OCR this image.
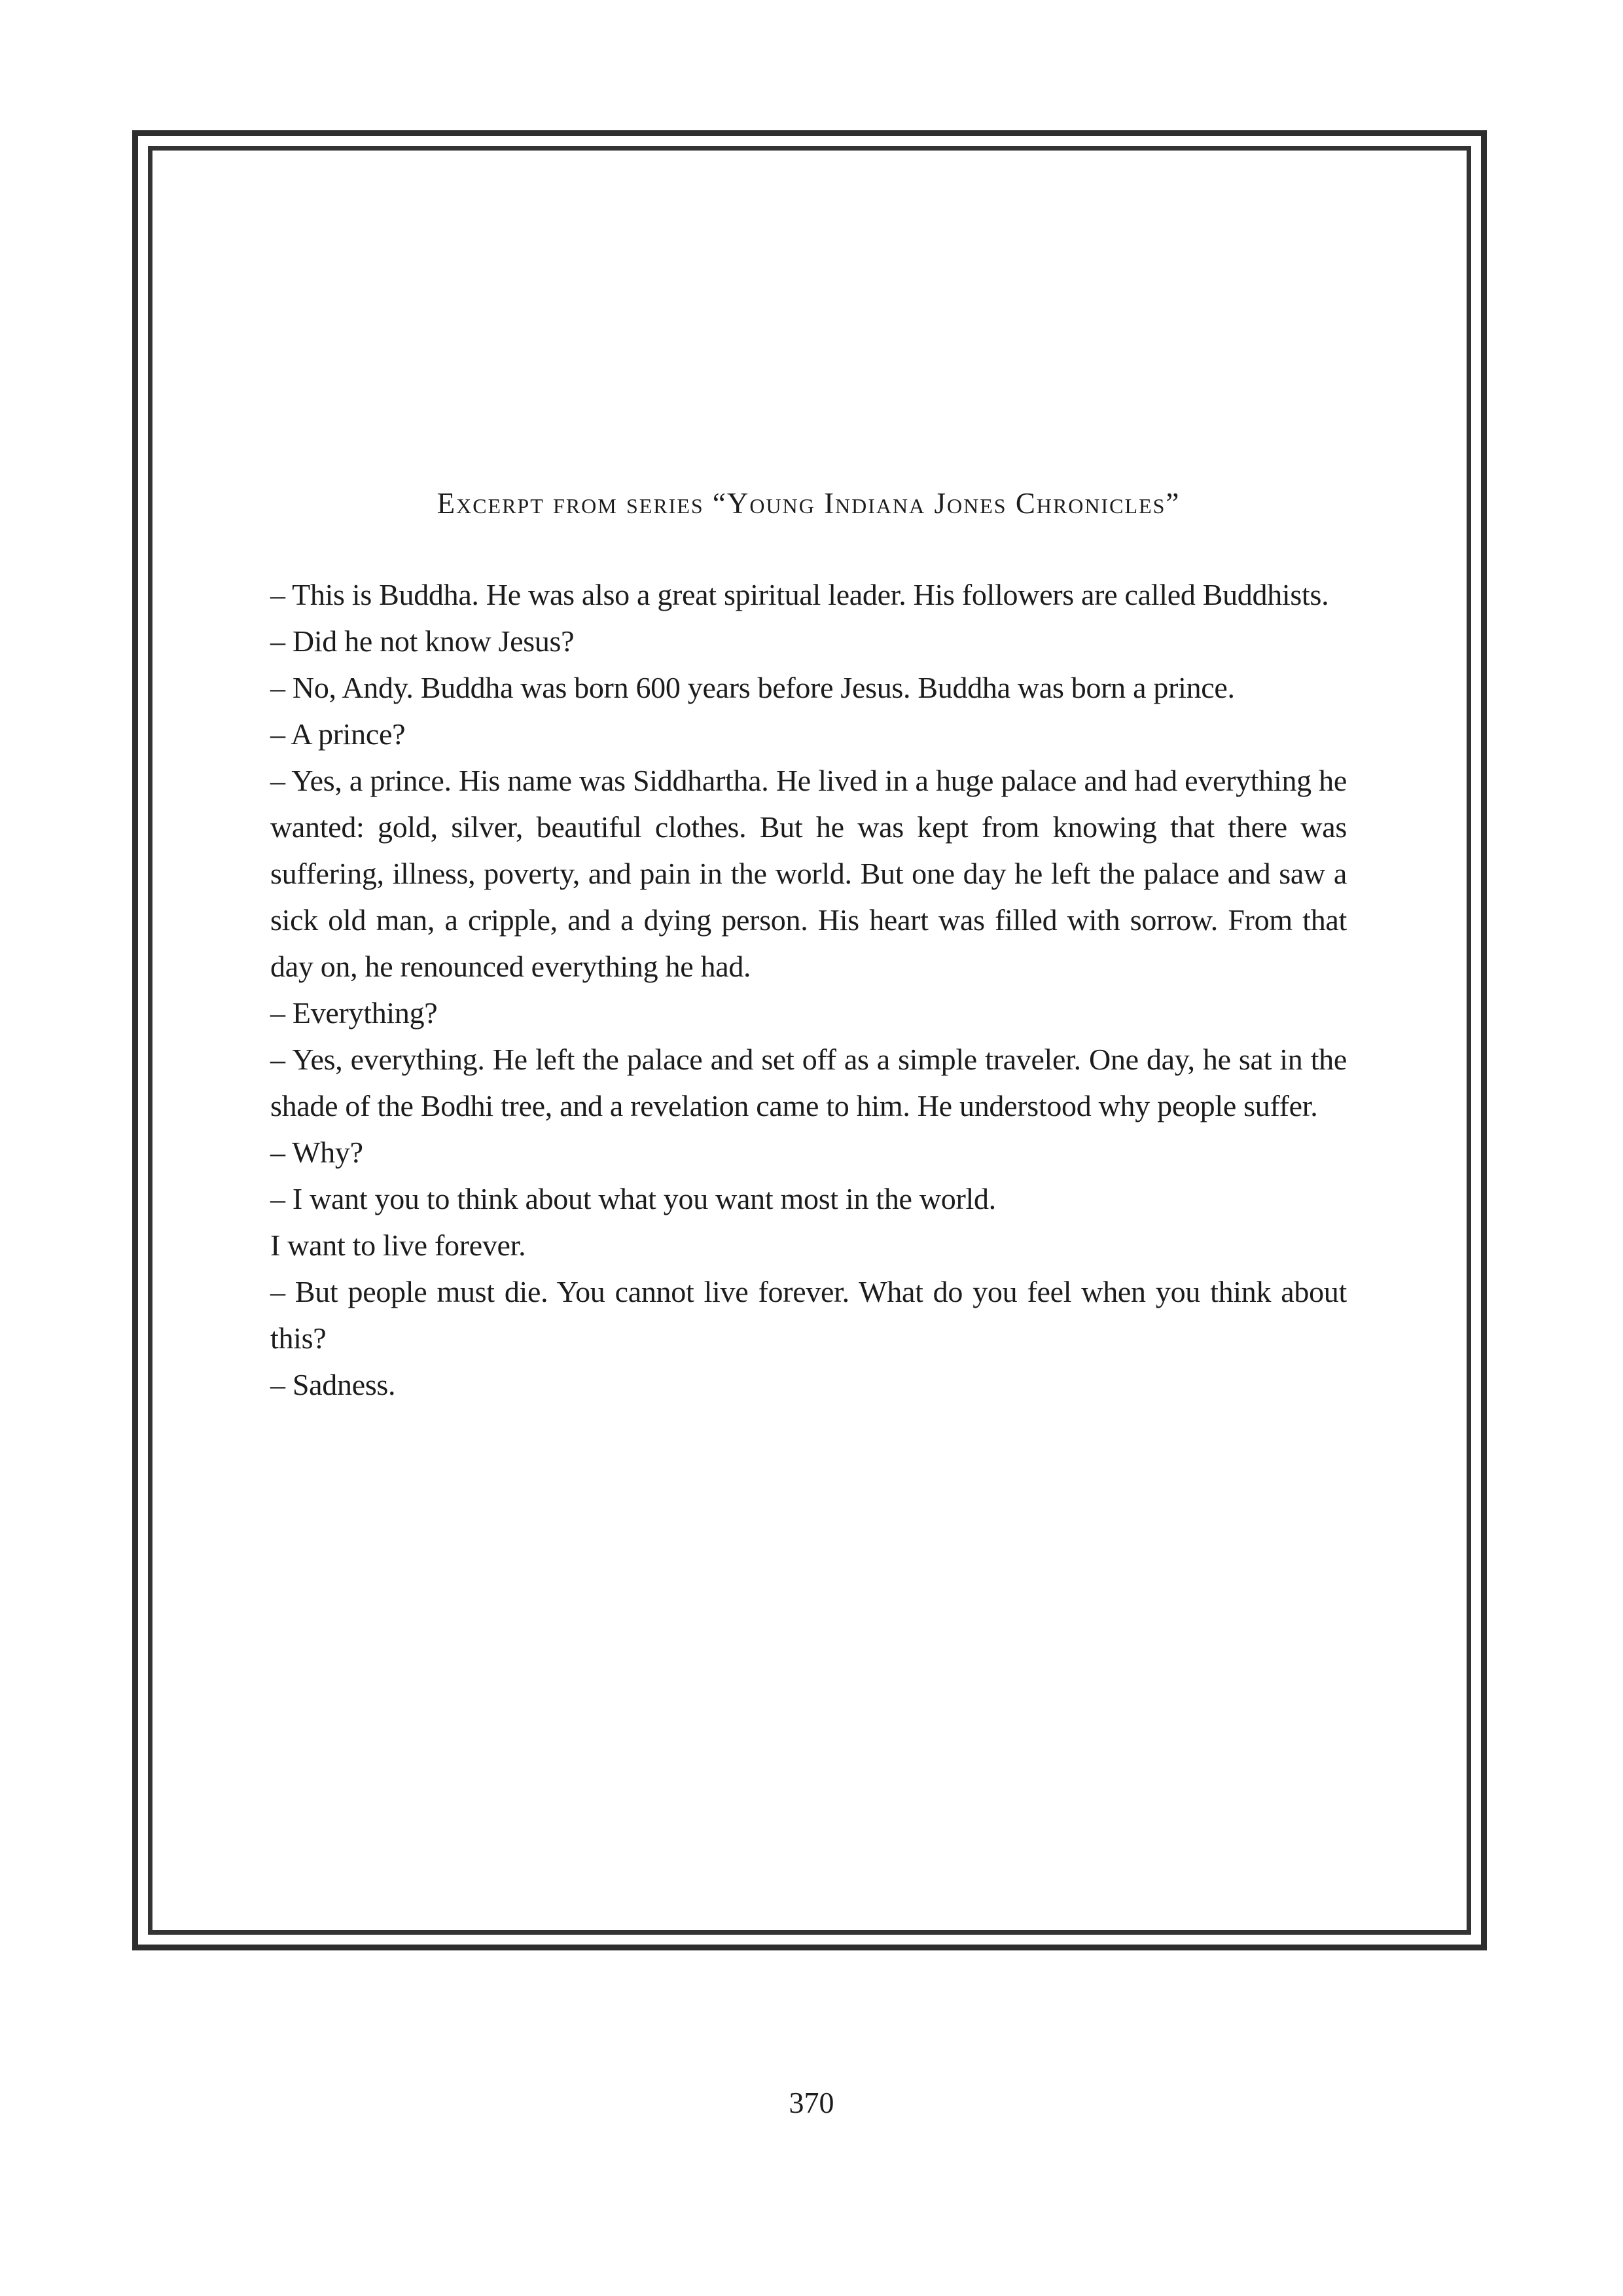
Excerpt from series “Young Indiana Jones Chronicles”

– This is Buddha. He was also a great spiritual leader. His followers are called Buddhists.

– Did he not know Jesus?

– No, Andy. Buddha was born 600 years before Jesus. Buddha was born a prince.

– A prince?

– Yes, a prince. His name was Siddhartha. He lived in a huge palace and had everything he wanted: gold, silver, beautiful clothes. But he was kept from knowing that there was suffering, illness, poverty, and pain in the world. But one day he left the palace and saw a sick old man, a cripple, and a dying person. His heart was filled with sorrow. From that day on, he renounced everything he had.

– Everything?

– Yes, everything. He left the palace and set off as a simple traveler. One day, he sat in the shade of the Bodhi tree, and a revelation came to him. He understood why people suffer.

– Why?

– I want you to think about what you want most in the world.

I want to live forever.

– But people must die. You cannot live forever. What do you feel when you think about this?

– Sadness.

370
